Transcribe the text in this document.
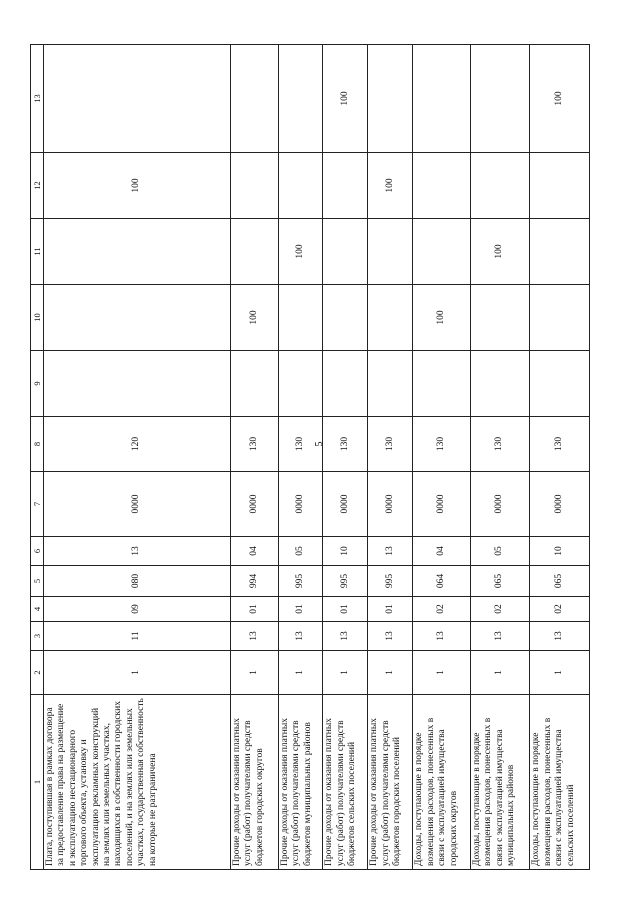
5
1	2	3	4	5	6	7	8	9	10	11	12	13
Плата, поступившая в рамках договора за предоставление права на размещение и эксплуатацию нестационарного торгового объекта, установку и эксплуатацию рекламных конструкций на землях или земельных участках, находящихся в собственности городских поселений, и на землях или земельных участках, государственная собственность на которые не разграничена	1	11	09	080	13	0000	120				100	
Прочие доходы от оказания платных услуг (работ) получателями средств бюджетов городских округов	1	13	01	994	04	0000	130		100			
Прочие доходы от оказания платных услуг (работ) получателями средств бюджетов муниципальных районов	1	13	01	995	05	0000	130			100		
Прочие доходы от оказания платных услуг (работ) получателями средств бюджетов сельских поселений	1	13	01	995	10	0000	130					100
Прочие доходы от оказания платных услуг (работ) получателями средств бюджетов городских поселений	1	13	01	995	13	0000	130				100	
Доходы, поступающие в порядке возмещения расходов, понесенных в связи с эксплуатацией имущества городских округов	1	13	02	064	04	0000	130		100			
Доходы, поступающие в порядке возмещения расходов, понесенных в связи с эксплуатацией имущества муниципальных районов	1	13	02	065	05	0000	130			100		
Доходы, поступающие в порядке возмещения расходов, понесенных в связи с эксплуатацией имущества сельских поселений	1	13	02	065	10	0000	130					100
